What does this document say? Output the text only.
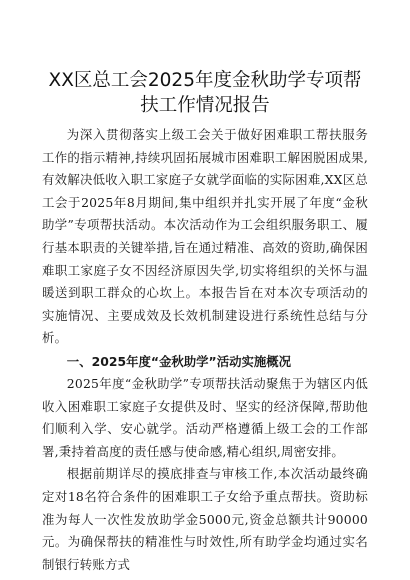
XX区总工会2025年度金秋助学专项帮扶工作情况报告

为深入贯彻落实上级工会关于做好困难职工帮扶服务工作的指示精神,持续巩固拓展城市困难职工解困脱困成果,有效解决低收入职工家庭子女就学面临的实际困难,XX区总工会于2025年8月期间,集中组织并扎实开展了年度“金秋助学”专项帮扶活动。本次活动作为工会组织服务职工、履行基本职责的关键举措,旨在通过精准、高效的资助,确保困难职工家庭子女不因经济原因失学,切实将组织的关怀与温暖送到职工群众的心坎上。本报告旨在对本次专项活动的实施情况、主要成效及长效机制建设进行系统性总结与分析。

一、2025年度“金秋助学”活动实施概况

2025年度“金秋助学”专项帮扶活动聚焦于为辖区内低收入困难职工家庭子女提供及时、坚实的经济保障,帮助他们顺利入学、安心就学。活动严格遵循上级工会的工作部署,秉持着高度的责任感与使命感,精心组织,周密安排。

根据前期详尽的摸底排查与审核工作,本次活动最终确定对18名符合条件的困难职工子女给予重点帮扶。资助标准为每人一次性发放助学金5000元,资金总额共计90000元。为确保帮扶的精准性与时效性,所有助学金均通过实名制银行转账方式
